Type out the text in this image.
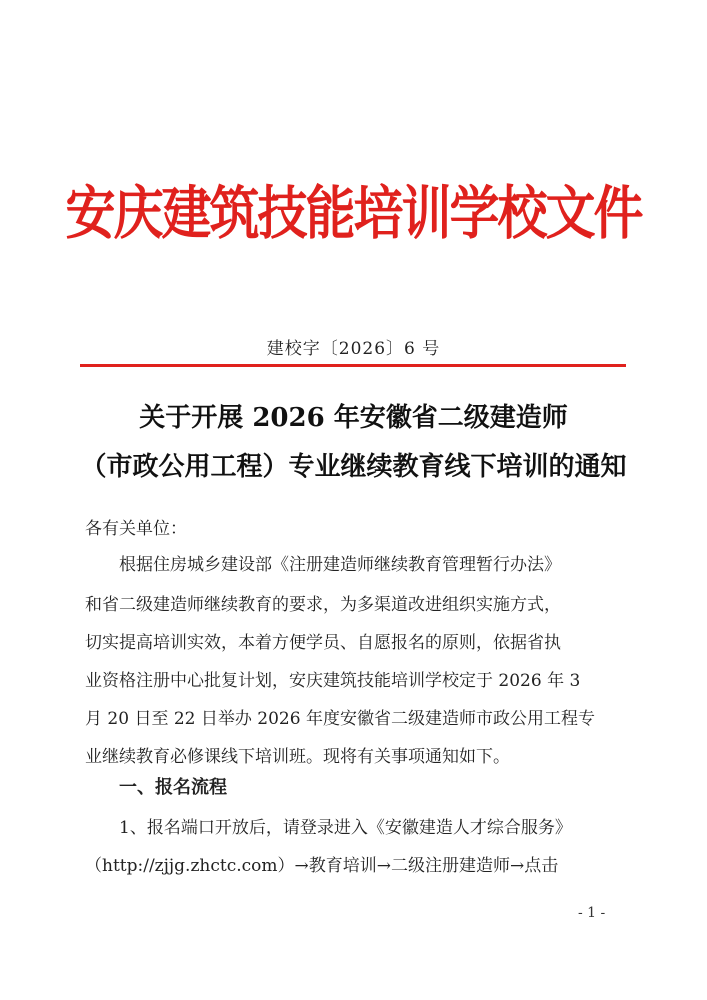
安庆建筑技能培训学校文件
建校字〔2026〕6 号
关于开展 2026 年安徽省二级建造师
（市政公用工程）专业继续教育线下培训的通知
各有关单位：
根据住房城乡建设部《注册建造师继续教育管理暂行办法》
和省二级建造师继续教育的要求，为多渠道改进组织实施方式，
切实提高培训实效，本着方便学员、自愿报名的原则，依据省执
业资格注册中心批复计划，安庆建筑技能培训学校定于 2026 年 3
月 20 日至 22 日举办 2026 年度安徽省二级建造师市政公用工程专
业继续教育必修课线下培训班。现将有关事项通知如下。
一、报名流程
1、报名端口开放后，请登录进入《安徽建造人才综合服务》
（http://zjjg.zhctc.com）→教育培训→二级注册建造师→点击
- 1 -
